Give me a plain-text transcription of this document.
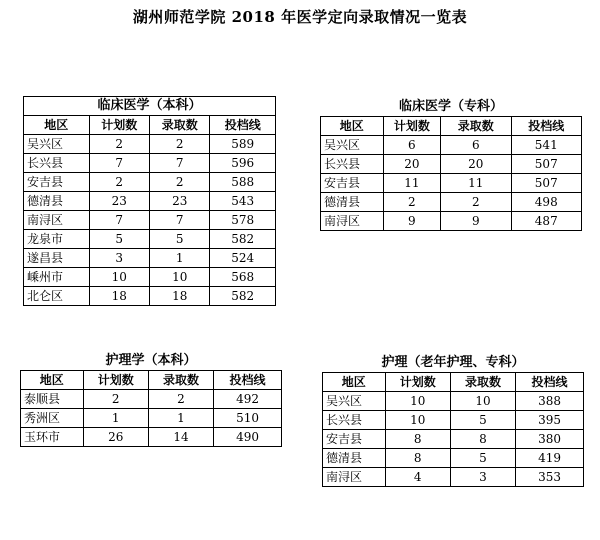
湖州师范学院 2018 年医学定向录取情况一览表
临床医学（本科）
地区	计划数	录取数	投档线
吴兴区	2	2	589
长兴县	7	7	596
安吉县	2	2	588
德清县	23	23	543
南浔区	7	7	578
龙泉市	5	5	582
遂昌县	3	1	524
嵊州市	10	10	568
北仑区	18	18	582
临床医学（专科）
地区	计划数	录取数	投档线
吴兴区	6	6	541
长兴县	20	20	507
安吉县	11	11	507
德清县	2	2	498
南浔区	9	9	487
护理学（本科）
地区	计划数	录取数	投档线
泰顺县	2	2	492
秀洲区	1	1	510
玉环市	26	14	490
护理（老年护理、专科）
地区	计划数	录取数	投档线
吴兴区	10	10	388
长兴县	10	5	395
安吉县	8	8	380
德清县	8	5	419
南浔区	4	3	353
